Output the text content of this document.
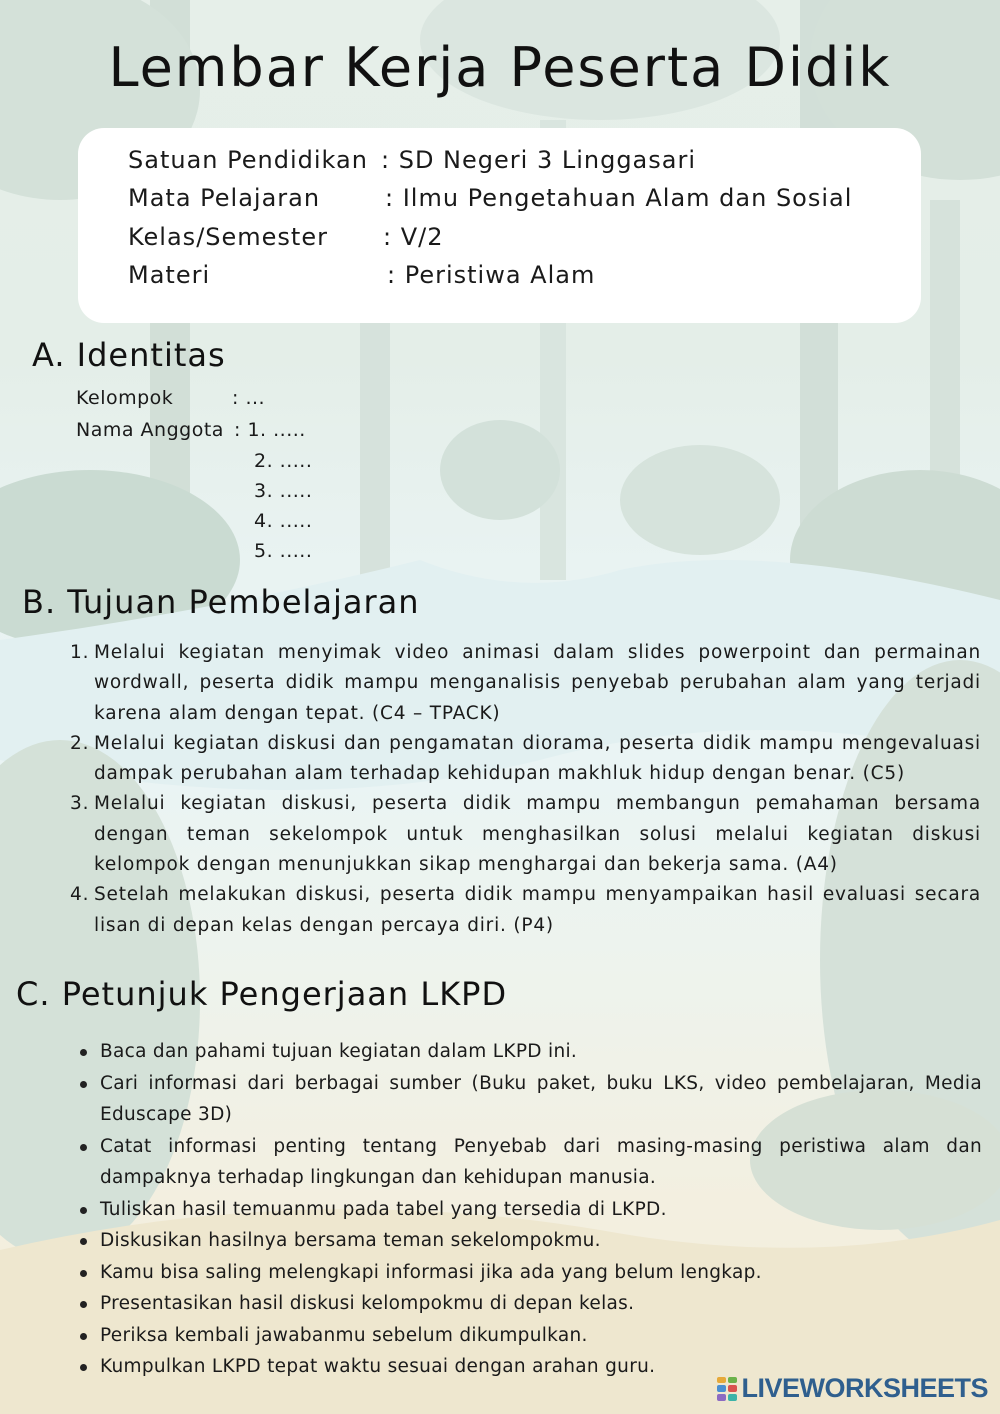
Lembar Kerja Peserta Didik
Satuan Pendidikan : SD Negeri 3 Linggasari
Mata Pelajaran	: Ilmu Pengetahuan Alam dan Sosial
Kelas/Semester : V/2
Materi	: Peristiwa Alam
A. Identitas
Kelompok	: ...
Nama Anggota : 1. .....
2. .....
3. .....
4. .....
5. .....
B. Tujuan Pembelajaran
1. Melalui kegiatan menyimak video animasi dalam slides powerpoint dan permainan wordwall, peserta didik mampu menganalisis penyebab perubahan alam yang terjadi karena alam dengan tepat. (C4 – TPACK)
2. Melalui kegiatan diskusi dan pengamatan diorama, peserta didik mampu mengevaluasi dampak perubahan alam terhadap kehidupan makhluk hidup dengan benar. (C5)
3. Melalui kegiatan diskusi, peserta didik mampu membangun pemahaman bersama dengan teman sekelompok untuk menghasilkan solusi melalui kegiatan diskusi kelompok dengan menunjukkan sikap menghargai dan bekerja sama. (A4)
4. Setelah melakukan diskusi, peserta didik mampu menyampaikan hasil evaluasi secara lisan di depan kelas dengan percaya diri. (P4)
C. Petunjuk Pengerjaan LKPD
Baca dan pahami tujuan kegiatan dalam LKPD ini.
Cari informasi dari berbagai sumber (Buku paket, buku LKS, video pembelajaran, Media Eduscape 3D)
Catat informasi penting tentang Penyebab dari masing-masing peristiwa alam dan dampaknya terhadap lingkungan dan kehidupan manusia.
Tuliskan hasil temuanmu pada tabel yang tersedia di LKPD.
Diskusikan hasilnya bersama teman sekelompokmu.
Kamu bisa saling melengkapi informasi jika ada yang belum lengkap.
Presentasikan hasil diskusi kelompokmu di depan kelas.
Periksa kembali jawabanmu sebelum dikumpulkan.
Kumpulkan LKPD tepat waktu sesuai dengan arahan guru.
LIVEWORKSHEETS
